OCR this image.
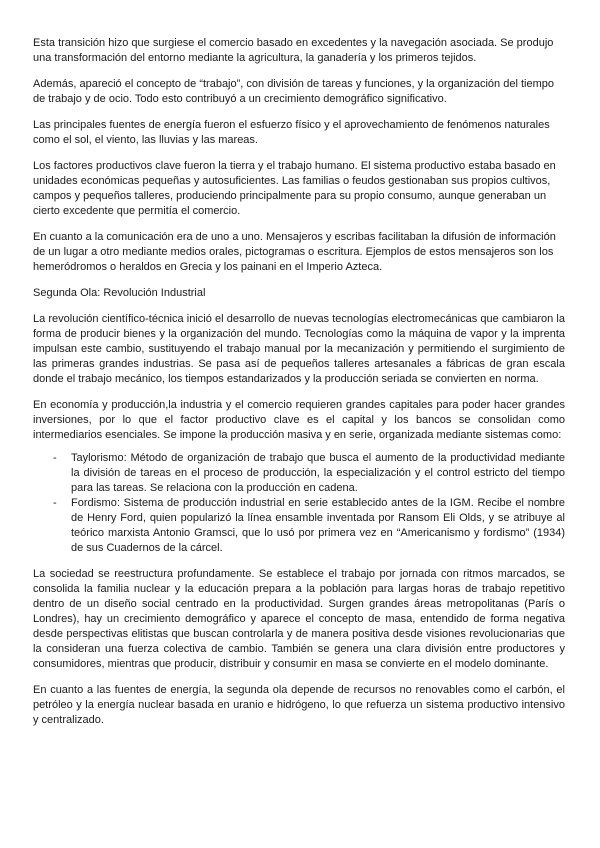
Esta transición hizo que surgiese el comercio basado en excedentes y la navegación asociada. Se produjo una transformación del entorno mediante la agricultura, la ganadería y los primeros tejidos.

Además, apareció el concepto de “trabajo”, con división de tareas y funciones, y la organización del tiempo de trabajo y de ocio. Todo esto contribuyó a un crecimiento demográfico significativo.

Las principales fuentes de energía fueron el esfuerzo físico y el aprovechamiento de fenómenos naturales como el sol, el viento, las lluvias y las mareas.

Los factores productivos clave fueron la tierra y el trabajo humano. El sistema productivo estaba basado en unidades económicas pequeñas y autosuficientes. Las familias o feudos gestionaban sus propios cultivos, campos y pequeños talleres, produciendo principalmente para su propio consumo, aunque generaban un cierto excedente que permitía el comercio.

En cuanto a la comunicación era de uno a uno. Mensajeros y escribas facilitaban la difusión de información de un lugar a otro mediante medios orales, pictogramas o escritura. Ejemplos de estos mensajeros son los hemeródromos o heraldos en Grecia y los painani en el Imperio Azteca.

Segunda Ola: Revolución Industrial

La revolución científico-técnica inició el desarrollo de nuevas tecnologías electromecánicas que cambiaron la forma de producir bienes y la organización del mundo. Tecnologías como la máquina de vapor y la imprenta impulsan este cambio, sustituyendo el trabajo manual por la mecanización y permitiendo el surgimiento de las primeras grandes industrias. Se pasa así de pequeños talleres artesanales a fábricas de gran escala donde el trabajo mecánico, los tiempos estandarizados y la producción seriada se convierten en norma.

En economía y producción,la industria y el comercio requieren grandes capitales para poder hacer grandes inversiones, por lo que el factor productivo clave es el capital y los bancos se consolidan como intermediarios esenciales. Se impone la producción masiva y en serie, organizada mediante sistemas como:

- Taylorismo: Método de organización de trabajo que busca el aumento de la productividad mediante la división de tareas en el proceso de producción, la especialización y el control estricto del tiempo para las tareas. Se relaciona con la producción en cadena.
- Fordismo: Sistema de producción industrial en serie establecido antes de la IGM. Recibe el nombre de Henry Ford, quien popularizó la línea ensamble inventada por Ransom Eli Olds, y se atribuye al teórico marxista Antonio Gramsci, que lo usó por primera vez en “Americanismo y fordismo” (1934) de sus Cuadernos de la cárcel.

La sociedad se reestructura profundamente. Se establece el trabajo por jornada con ritmos marcados, se consolida la familia nuclear y la educación prepara a la población para largas horas de trabajo repetitivo dentro de un diseño social centrado en la productividad. Surgen grandes áreas metropolitanas (París o Londres), hay un crecimiento demográfico y aparece el concepto de masa, entendido de forma negativa desde perspectivas elitistas que buscan controlarla y de manera positiva desde visiones revolucionarias que la consideran una fuerza colectiva de cambio. También se genera una clara división entre productores y consumidores, mientras que producir, distribuir y consumir en masa se convierte en el modelo dominante.

En cuanto a las fuentes de energía, la segunda ola depende de recursos no renovables como el carbón, el petróleo y la energía nuclear basada en uranio e hidrógeno, lo que refuerza un sistema productivo intensivo y centralizado.
